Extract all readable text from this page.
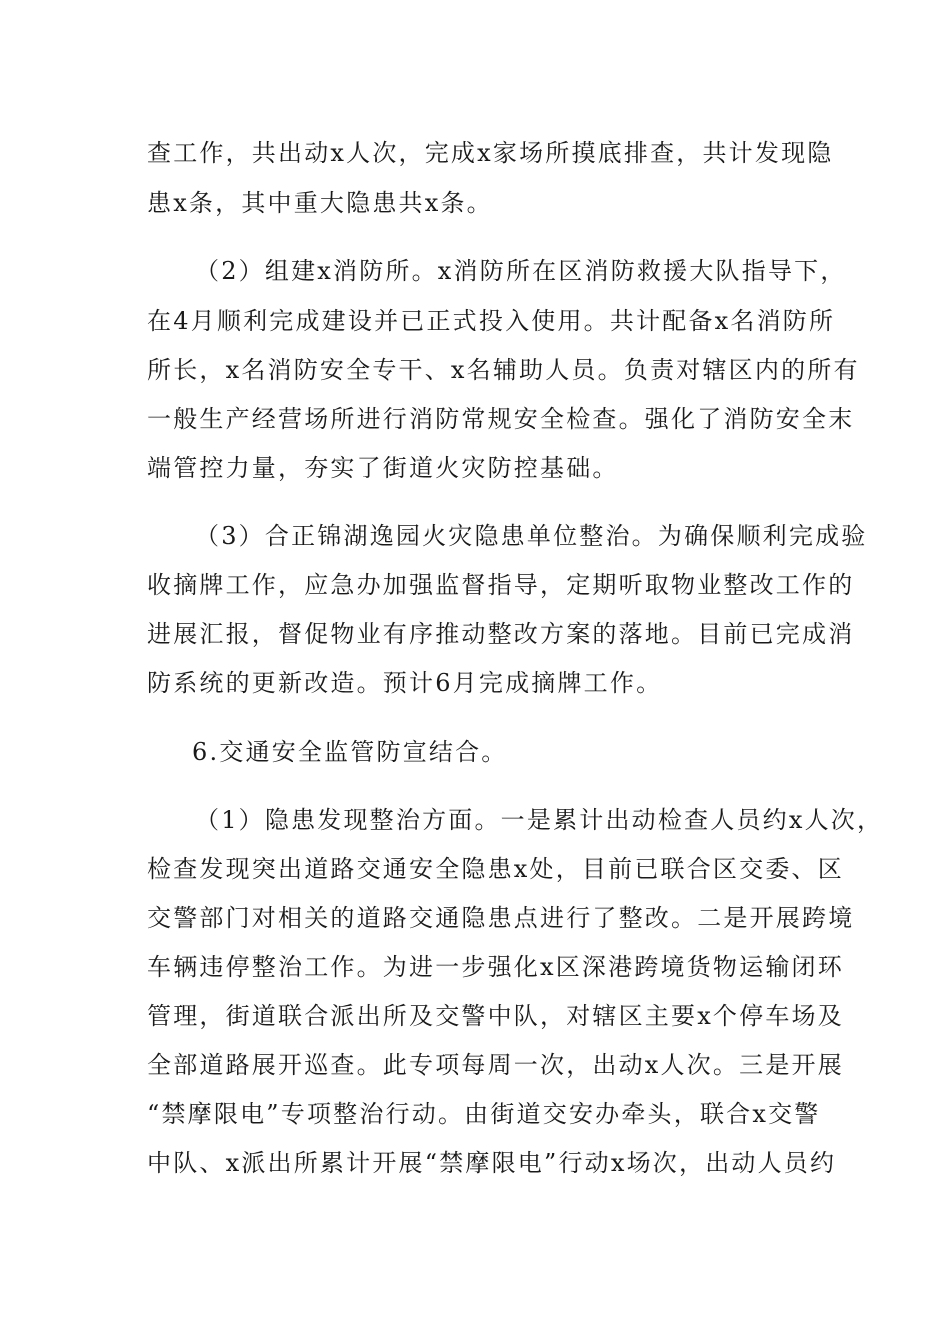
查工作，共出动x人次，完成x家场所摸底排查，共计发现隐
患x条，其中重大隐患共x条。
（2）组建x消防所。x消防所在区消防救援大队指导下，
在4月顺利完成建设并已正式投入使用。共计配备x名消防所
所长，x名消防安全专干、x名辅助人员。负责对辖区内的所有
一般生产经营场所进行消防常规安全检查。强化了消防安全末
端管控力量，夯实了街道火灾防控基础。
（3）合正锦湖逸园火灾隐患单位整治。为确保顺利完成验
收摘牌工作，应急办加强监督指导，定期听取物业整改工作的
进展汇报，督促物业有序推动整改方案的落地。目前已完成消
防系统的更新改造。预计6月完成摘牌工作。
6.交通安全监管防宣结合。
（1）隐患发现整治方面。一是累计出动检查人员约x人次，
检查发现突出道路交通安全隐患x处，目前已联合区交委、区
交警部门对相关的道路交通隐患点进行了整改。二是开展跨境
车辆违停整治工作。为进一步强化x区深港跨境货物运输闭环
管理，街道联合派出所及交警中队，对辖区主要x个停车场及
全部道路展开巡查。此专项每周一次，出动x人次。三是开展
“禁摩限电”专项整治行动。由街道交安办牵头，联合x交警
中队、x派出所累计开展“禁摩限电”行动x场次，出动人员约
